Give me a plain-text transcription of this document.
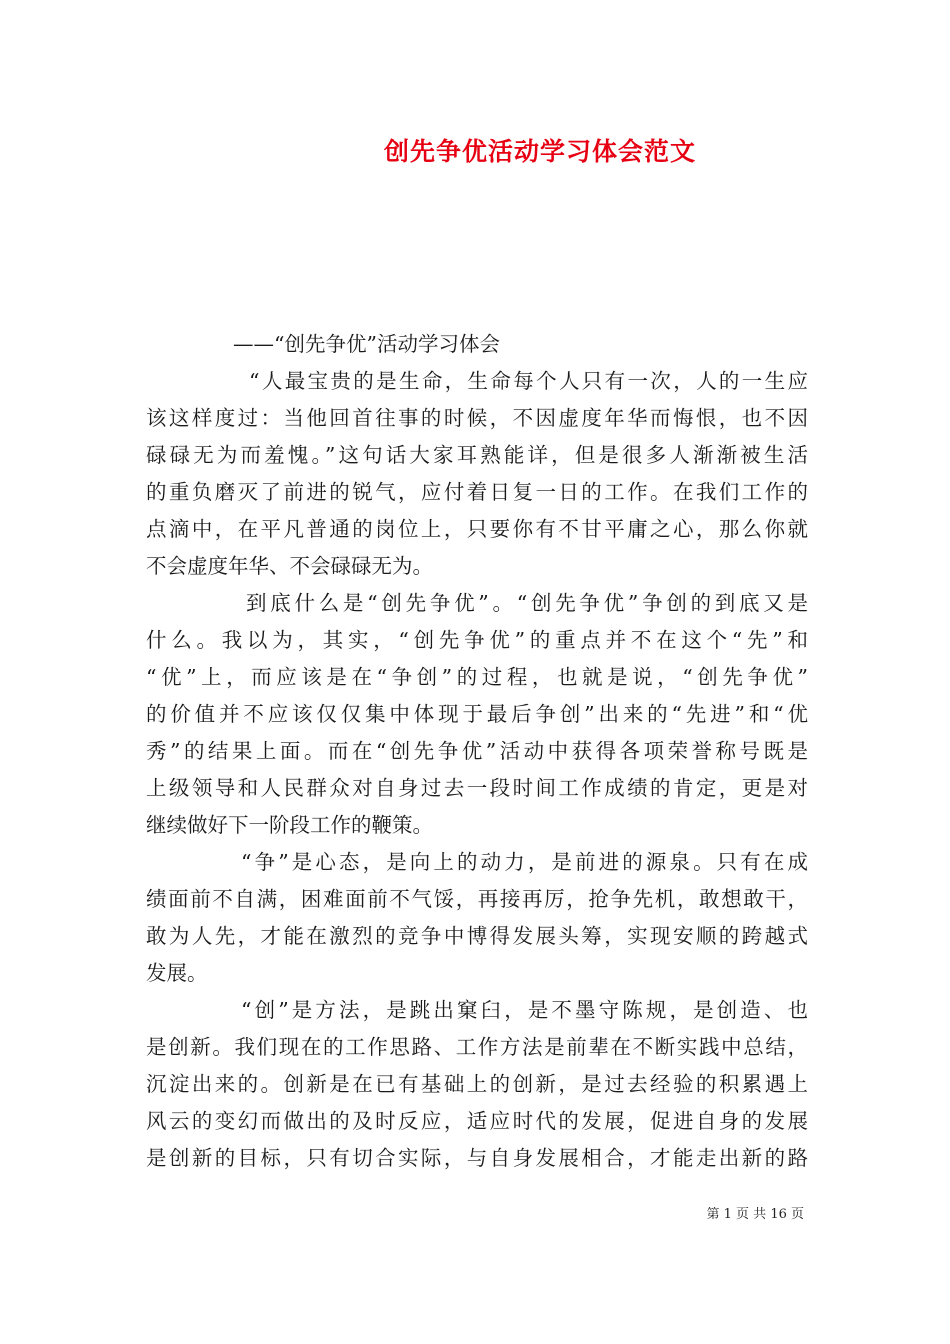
创先争优活动学习体会范文
——“创先争优”活动学习体会
“人最宝贵的是生命，生命每个人只有一次，人的一生应
该这样度过：当他回首往事的时候，不因虚度年华而悔恨，也不因
碌碌无为而羞愧。”这句话大家耳熟能详，但是很多人渐渐被生活
的重负磨灭了前进的锐气，应付着日复一日的工作。在我们工作的
点滴中，在平凡普通的岗位上，只要你有不甘平庸之心，那么你就
不会虚度年华、不会碌碌无为。
到底什么是“创先争优”。“创先争优”争创的到底又是
什么。我以为，其实，“创先争优”的重点并不在这个“先”和
“优”上，而应该是在“争创”的过程，也就是说，“创先争优”
的价值并不应该仅仅集中体现于最后争创”出来的“先进”和“优
秀”的结果上面。而在“创先争优”活动中获得各项荣誉称号既是
上级领导和人民群众对自身过去一段时间工作成绩的肯定，更是对
继续做好下一阶段工作的鞭策。
“争”是心态，是向上的动力，是前进的源泉。只有在成
绩面前不自满，困难面前不气馁，再接再厉，抢争先机，敢想敢干，
敢为人先，才能在激烈的竞争中博得发展头筹，实现安顺的跨越式
发展。
“创”是方法，是跳出窠臼，是不墨守陈规，是创造、也
是创新。我们现在的工作思路、工作方法是前辈在不断实践中总结，
沉淀出来的。创新是在已有基础上的创新，是过去经验的积累遇上
风云的变幻而做出的及时反应，适应时代的发展，促进自身的发展
是创新的目标，只有切合实际，与自身发展相合，才能走出新的路
第 1 页 共 16 页
